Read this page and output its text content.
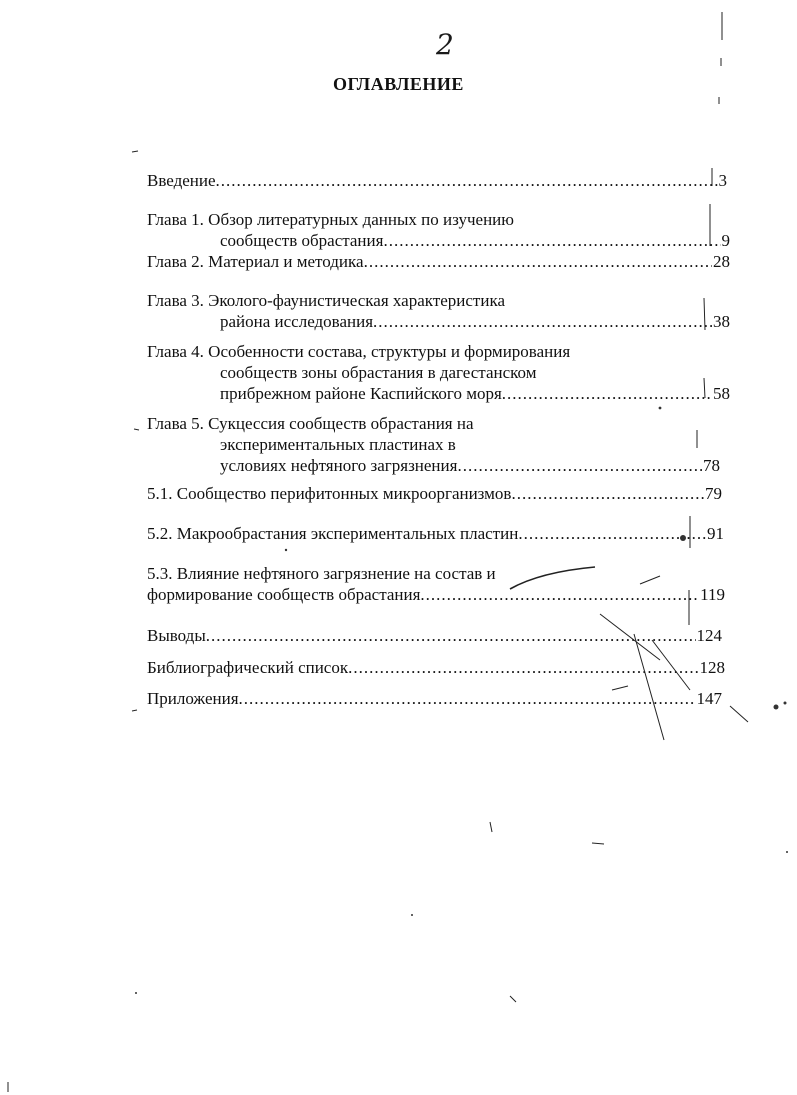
2
ОГЛАВЛЕНИЕ
Введение .....	3
Глава 1. Обзор литературных данных по изучению
сообществ обрастания .....	9
Глава 2. Материал и методика .....	28
Глава 3. Эколого-фаунистическая характеристика
района исследования .....	38
Глава 4. Особенности состава, структуры и формирования
сообществ зоны обрастания в дагестанском
прибрежном районе Каспийского моря .....	58
Глава 5. Сукцессия сообществ обрастания на
экспериментальных пластинах в
условиях нефтяного загрязнения .....	78
5.1. Сообщество перифитонных микроорганизмов .....	79
5.2. Макрообрастания экспериментальных пластин .....	91
5.3. Влияние нефтяного загрязнение на состав и
формирование сообществ обрастания .....	119
Выводы .....	124
Библиографический список .....	128
Приложения .....	147
